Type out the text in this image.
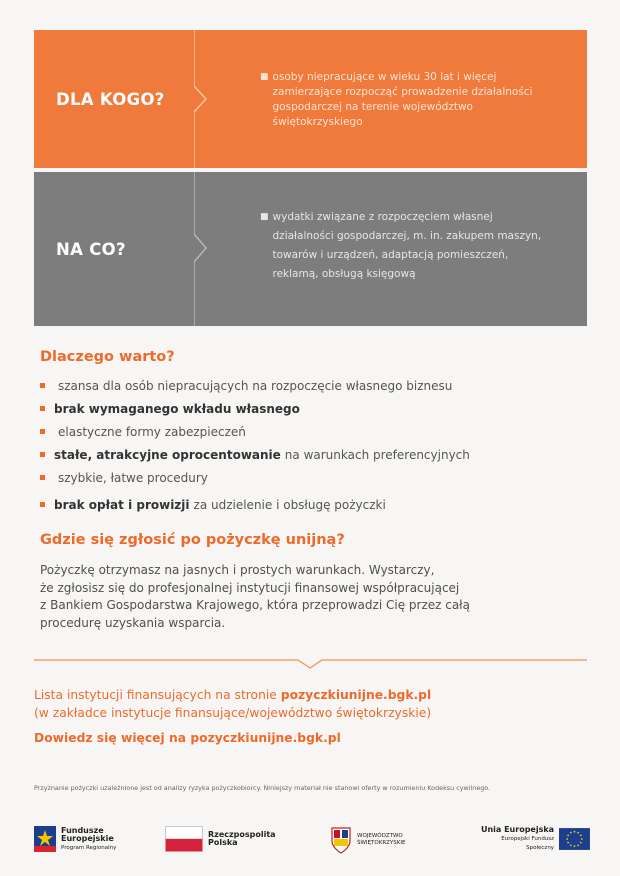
DLA KOGO?
■ osoby niepracujące w wieku 30 lat i więcej
zamierzające rozpocząć prowadzenie działalności
gospodarczej na terenie województwo
świętokrzyskiego
NA CO?
■ wydatki związane z rozpoczęciem własnej
działalności gospodarczej, m. in. zakupem maszyn,
towarów i urządzeń, adaptacją pomieszczeń,
reklamą, obsługą księgową
Dlaczego warto?
szansa dla osób niepracujących na rozpoczęcie własnego biznesu
brak wymaganego wkładu własnego
elastyczne formy zabezpieczeń
stałe, atrakcyjne oprocentowanie na warunkach preferencyjnych
szybkie, łatwe procedury
brak opłat i prowizji za udzielenie i obsługę pożyczki
Gdzie się zgłosić po pożyczkę unijną?

Pożyczkę otrzymasz na jasnych i prostych warunkach. Wystarczy,

że zgłosisz się do profesjonalnej instytucji finansowej współpracującej

z Bankiem Gospodarstwa Krajowego, która przeprowadzi Cię przez całą

procedurę uzyskania wsparcia.

Lista instytucji finansujących na stronie pozyczkiunijne.bgk.pl

(w zakładce instytucje finansujące/województwo świętokrzyskie)

Dowiedz się więcej na pozyczkiunijne.bgk.pl
Przyznanie pożyczki uzależnione jest od analizy ryzyka pożyczkobiorcy. Niniejszy materiał nie stanowi oferty w rozumieniu Kodeksu cywilnego.
Fundusze
Europejskie
Program Regionalny
Rzeczpospolita
Polska
WOJEWÓDZTWO
ŚWIĘTOKRZYSKIE
Unia Europejska
Europejski Fundusz Społeczny
